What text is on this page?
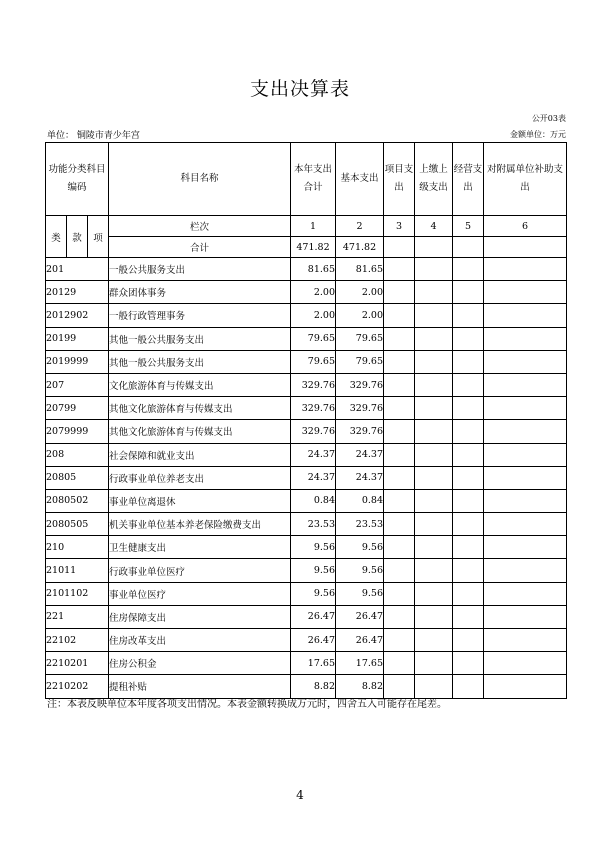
支出决算表
公开03表
单位： 铜陵市青少年宫	金额单位：万元
功能分类科目编码			科目名称	本年支出合计	基本支出	项目支出	上缴上级支出	经营支出	对附属单位补助支出
类	款	项	栏次	1	2	3	4	5	6
			合计	471.82	471.82				
201			一般公共服务支出	81.65	81.65				
20129			群众团体事务	2.00	2.00				
2012902			一般行政管理事务	2.00	2.00				
20199			其他一般公共服务支出	79.65	79.65				
2019999			其他一般公共服务支出	79.65	79.65				
207			文化旅游体育与传媒支出	329.76	329.76				
20799			其他文化旅游体育与传媒支出	329.76	329.76				
2079999			其他文化旅游体育与传媒支出	329.76	329.76				
208			社会保障和就业支出	24.37	24.37				
20805			行政事业单位养老支出	24.37	24.37				
2080502			事业单位离退休	0.84	0.84				
2080505			机关事业单位基本养老保险缴费支出	23.53	23.53				
210			卫生健康支出	9.56	9.56				
21011			行政事业单位医疗	9.56	9.56				
2101102			事业单位医疗	9.56	9.56				
221			住房保障支出	26.47	26.47				
22102			住房改革支出	26.47	26.47				
2210201			住房公积金	17.65	17.65				
2210202			提租补贴	8.82	8.82				
注：本表反映单位本年度各项支出情况。本表金额转换成万元时，四舍五入可能存在尾差。
4
